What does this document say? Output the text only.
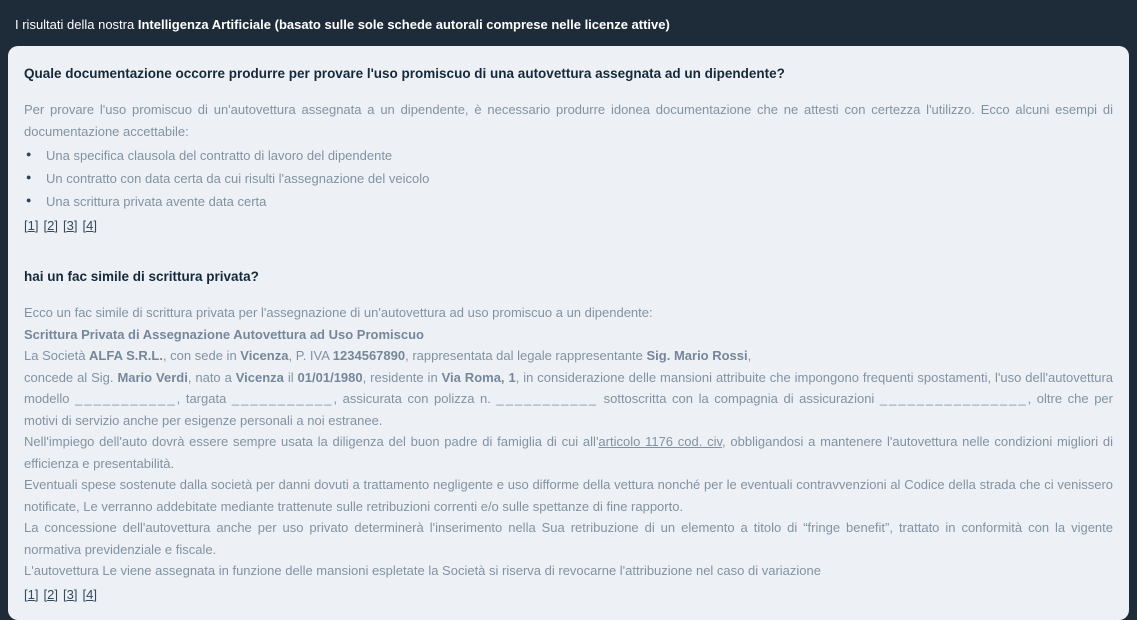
I risultati della nostra Intelligenza Artificiale (basato sulle sole schede autorali comprese nelle licenze attive)
Quale documentazione occorre produrre per provare l'uso promiscuo di una autovettura assegnata ad un dipendente?

Per provare l'uso promiscuo di un'autovettura assegnata a un dipendente, è necessario produrre idonea documentazione che ne attesti con certezza l'utilizzo. Ecco alcuni esempi di documentazione accettabile:

● Una specifica clausola del contratto di lavoro del dipendente
● Un contratto con data certa da cui risulti l'assegnazione del veicolo
● Una scrittura privata avente data certa
[1] [2] [3] [4]
hai un fac simile di scrittura privata?

Ecco un fac simile di scrittura privata per l'assegnazione di un'autovettura ad uso promiscuo a un dipendente:

Scrittura Privata di Assegnazione Autovettura ad Uso Promiscuo

La Società ALFA S.R.L., con sede in Vicenza, P. IVA 1234567890, rappresentata dal legale rappresentante Sig. Mario Rossi,

concede al Sig. Mario Verdi, nato a Vicenza il 01/01/1980, residente in Via Roma, 1, in considerazione delle mansioni attribuite che impongono frequenti spostamenti, l'uso dell'autovettura modello ___________, targata ___________, assicurata con polizza n. ___________ sottoscritta con la compagnia di assicurazioni ________________, oltre che per motivi di servizio anche per esigenze personali a noi estranee.

Nell'impiego dell'auto dovrà essere sempre usata la diligenza del buon padre di famiglia di cui all'articolo 1176 cod. civ, obbligandosi a mantenere l'autovettura nelle condizioni migliori di efficienza e presentabilità.

Eventuali spese sostenute dalla società per danni dovuti a trattamento negligente e uso difforme della vettura nonché per le eventuali contravvenzioni al Codice della strada che ci venissero notificate, Le verranno addebitate mediante trattenute sulle retribuzioni correnti e/o sulle spettanze di fine rapporto.

La concessione dell'autovettura anche per uso privato determinerà l'inserimento nella Sua retribuzione di un elemento a titolo di “fringe benefit”, trattato in conformità con la vigente normativa previdenziale e fiscale.

L'autovettura Le viene assegnata in funzione delle mansioni espletate la Società si riserva di revocarne l'attribuzione nel caso di variazione

[1] [2] [3] [4]
